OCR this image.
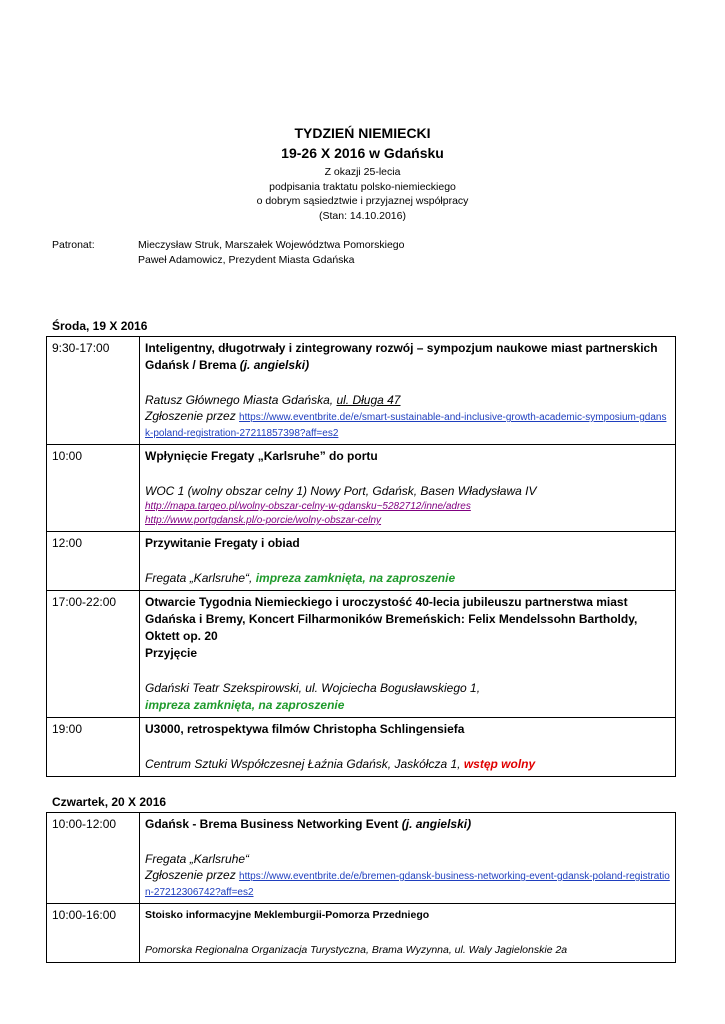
TYDZIEŃ NIEMIECKI
19-26 X 2016 w Gdańsku
Z okazji 25-lecia
podpisania traktatu polsko-niemieckiego
o dobrym sąsiedztwie i przyjaznej współpracy
(Stan: 14.10.2016)
Patronat:	Mieczysław Struk, Marszałek Województwa Pomorskiego
Paweł Adamowicz, Prezydent Miasta Gdańska
Środa, 19 X 2016
9:30-17:00	Inteligentny, długotrwały i zintegrowany rozwój – sympozjum naukowe miast partnerskich Gdańsk / Brema (j. angielski)
Ratusz Głównego Miasta Gdańska, ul. Długa 47
Zgłoszenie przez https://www.eventbrite.de/e/smart-sustainable-and-inclusive-growth-academic-symposium-gdansk-poland-registration-27211857398?aff=es2

10:00	Wpłynięcie Fregaty „Karlsruhe” do portu
WOC 1 (wolny obszar celny 1) Nowy Port, Gdańsk, Basen Władysława IV
http://mapa.targeo.pl/wolny-obszar-celny-w-gdansku~5282712/inne/adres
http://www.portgdansk.pl/o-porcie/wolny-obszar-celny

12:00	Przywitanie Fregaty i obiad
Fregata „Karlsruhe“, impreza zamknięta, na zaproszenie

17:00-22:00	Otwarcie Tygodnia Niemieckiego i uroczystość 40-lecia jubileuszu partnerstwa miast Gdańska i Bremy, Koncert Filharmoników Bremeńskich: Felix Mendelssohn Bartholdy, Oktett op. 20
Przyjęcie
Gdański Teatr Szekspirowski, ul. Wojciecha Bogusławskiego 1,
impreza zamknięta, na zaproszenie

19:00	U3000, retrospektywa filmów Christopha Schlingensiefa
Centrum Sztuki Współczesnej Łaźnia Gdańsk, Jaskółcza 1, wstęp wolny
Czwartek, 20 X 2016
10:00-12:00	Gdańsk - Brema Business Networking Event (j. angielski)
Fregata „Karlsruhe“
Zgłoszenie przez https://www.eventbrite.de/e/bremen-gdansk-business-networking-event-gdansk-poland-registration-27212306742?aff=es2

10:00-16:00	Stoisko informacyjne Meklemburgii-Pomorza Przedniego
Pomorska Regionalna Organizacja Turystyczna, Brama Wyzynna, ul. Waly Jagielonskie 2a
